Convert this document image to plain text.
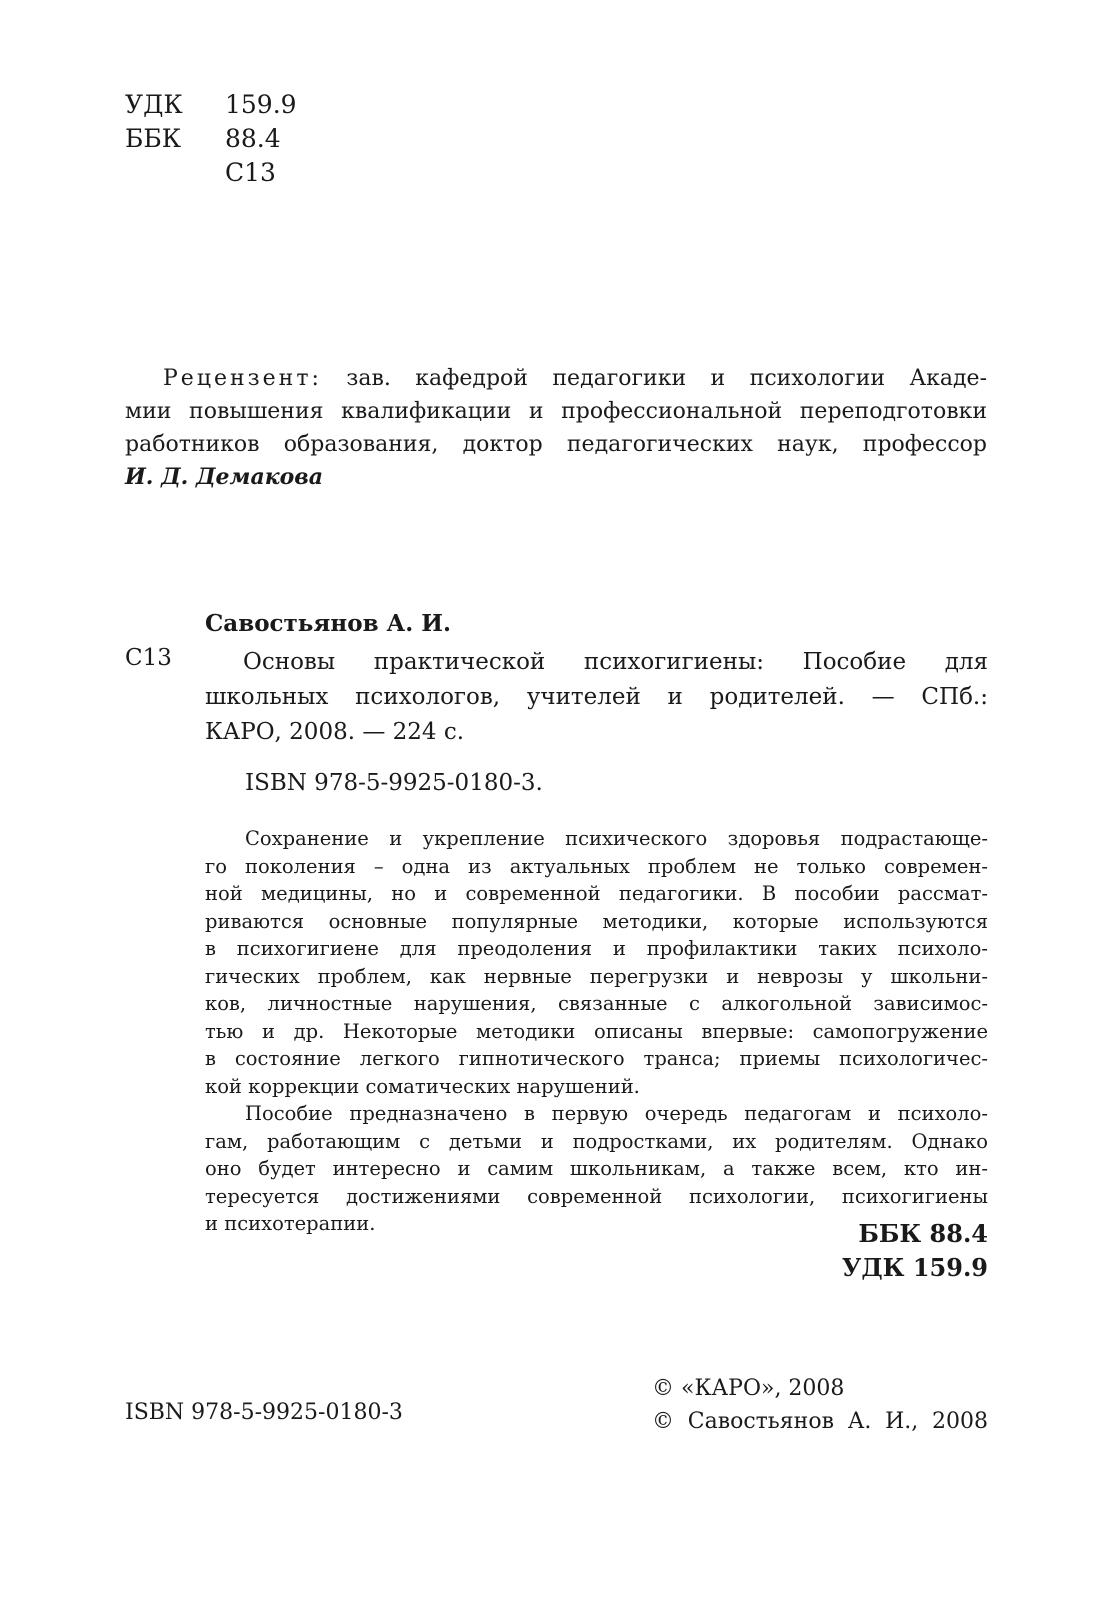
УДК 159.9
ББК 88.4
С13
Рецензент: зав. кафедрой педагогики и психологии Акаде-
мии повышения квалификации и профессиональной переподготовки
работников образования, доктор педагогических наук, профессор
И. Д. Демакова
Савостьянов А. И.
С13	Основы практической психогигиены: Пособие для
школьных психологов, учителей и родителей. — СПб.:
КАРО, 2008. — 224 с.
ISBN 978-5-9925-0180-3.
Сохранение и укрепление психического здоровья подрастающе-
го поколения – одна из актуальных проблем не только современ-
ной медицины, но и современной педагогики. В пособии рассмат-
риваются основные популярные методики, которые используются
в психогигиене для преодоления и профилактики таких психоло-
гических проблем, как нервные перегрузки и неврозы у школьни-
ков, личностные нарушения, связанные с алкогольной зависимос-
тью и др. Некоторые методики описаны впервые: самопогружение
в состояние легкого гипнотического транса; приемы психологичес-
кой коррекции соматических нарушений.
Пособие предназначено в первую очередь педагогам и психоло-
гам, работающим с детьми и подростками, их родителям. Однако
оно будет интересно и самим школьникам, а также всем, кто ин-
тересуется достижениями современной психологии, психогигиены
и психотерапии.	ББК 88.4
УДК 159.9
ISBN 978-5-9925-0180-3
© «КАРО», 2008
© Савостьянов А. И., 2008
